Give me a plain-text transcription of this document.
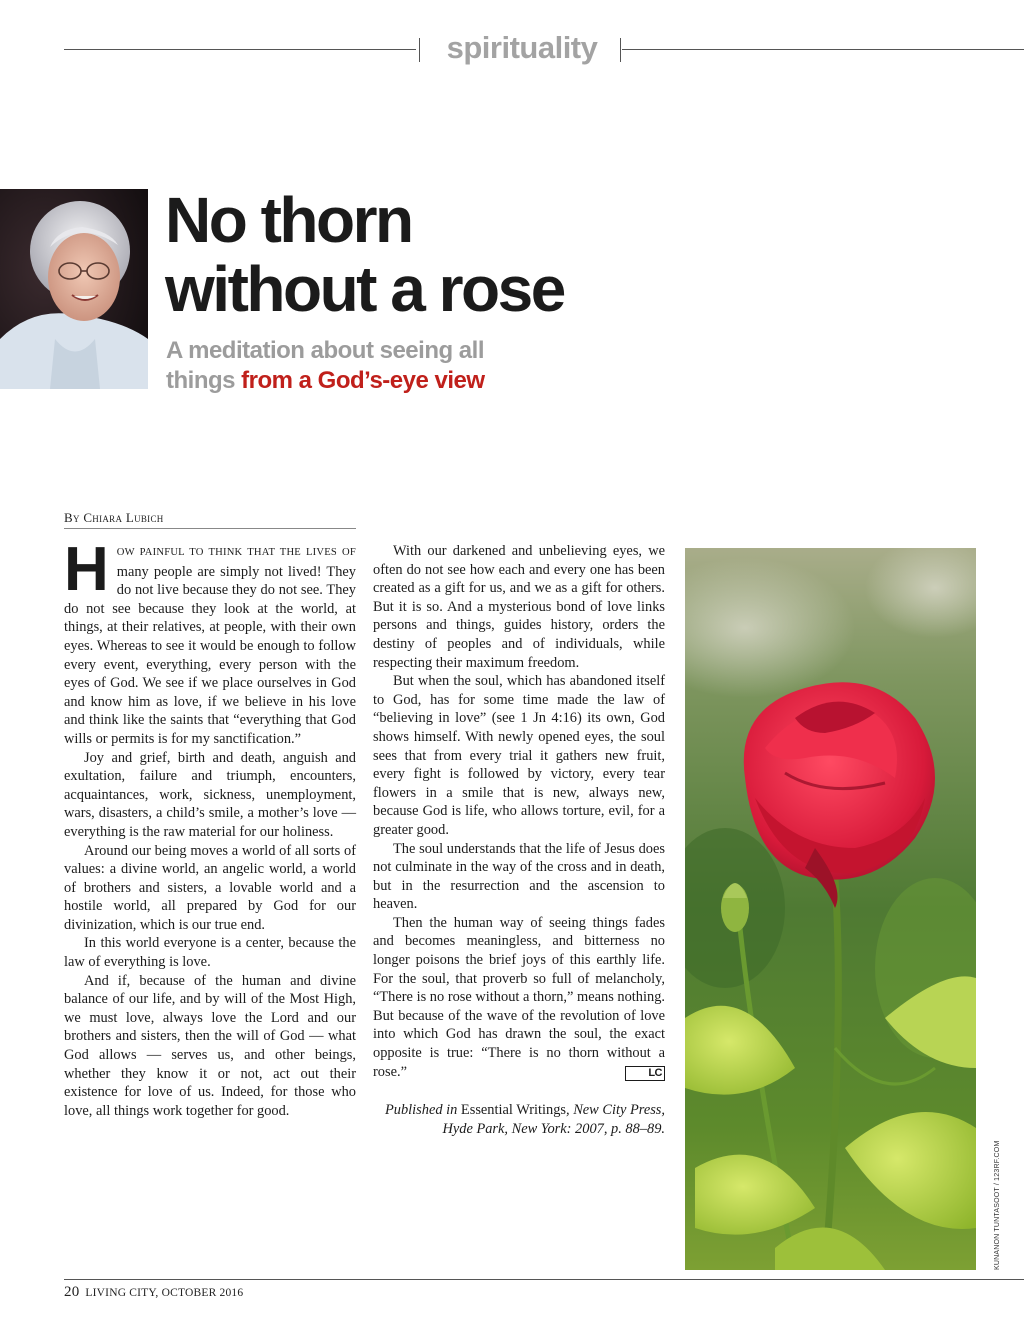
spirituality
No thorn
without a rose
A meditation about seeing all
things from a God’s-eye view
By Chiara Lubich

HOW PAINFUL TO THINK THAT THE LIVES OF many people are simply not lived! They do not live because they do not see. They do not see because they look at the world, at things, at their relatives, at people, with their own eyes. Whereas to see it would be enough to follow every event, everything, every person with the eyes of God. We see if we place ourselves in God and know him as love, if we believe in his love and think like the saints that “everything that God wills or permits is for my sanctification.”

Joy and grief, birth and death, anguish and exultation, failure and triumph, encounters, acquaintances, work, sickness, unemployment, wars, disasters, a child’s smile, a mother’s love — everything is the raw material for our holiness.

Around our being moves a world of all sorts of values: a divine world, an angelic world, a world of brothers and sisters, a lovable world and a hostile world, all prepared by God for our divinization, which is our true end.

In this world everyone is a center, because the law of everything is love.

And if, because of the human and divine balance of our life, and by will of the Most High, we must love, always love the Lord and our brothers and sisters, then the will of God — what God allows — serves us, and other beings, whether they know it or not, act out their existence for love of us. Indeed, for those who love, all things work together for good.

With our darkened and unbelieving eyes, we often do not see how each and every one has been created as a gift for us, and we as a gift for others. But it is so. And a mysterious bond of love links persons and things, guides history, orders the destiny of peoples and of individuals, while respecting their maximum freedom.

But when the soul, which has abandoned itself to God, has for some time made the law of “believing in love” (see 1 Jn 4:16) its own, God shows himself. With newly opened eyes, the soul sees that from every trial it gathers new fruit, every fight is followed by victory, every tear flowers in a smile that is new, always new, because God is life, who allows torture, evil, for a greater good.

The soul understands that the life of Jesus does not culminate in the way of the cross and in death, but in the resurrection and the ascension to heaven.

Then the human way of seeing things fades and becomes meaningless, and bitterness no longer poisons the brief joys of this earthly life. For the soul, that proverb so full of melancholy, “There is no rose without a thorn,” means nothing. But because of the wave of the revolution of love into which God has drawn the soul, the exact opposite is true: “There is no thorn without a rose.”	LC

Published in Essential Writings, New City Press, Hyde Park, New York: 2007, p. 88–89.

KUNANON TUNTASOOT / 123RF.COM
20 LIVING CITY, OCTOBER 2016
